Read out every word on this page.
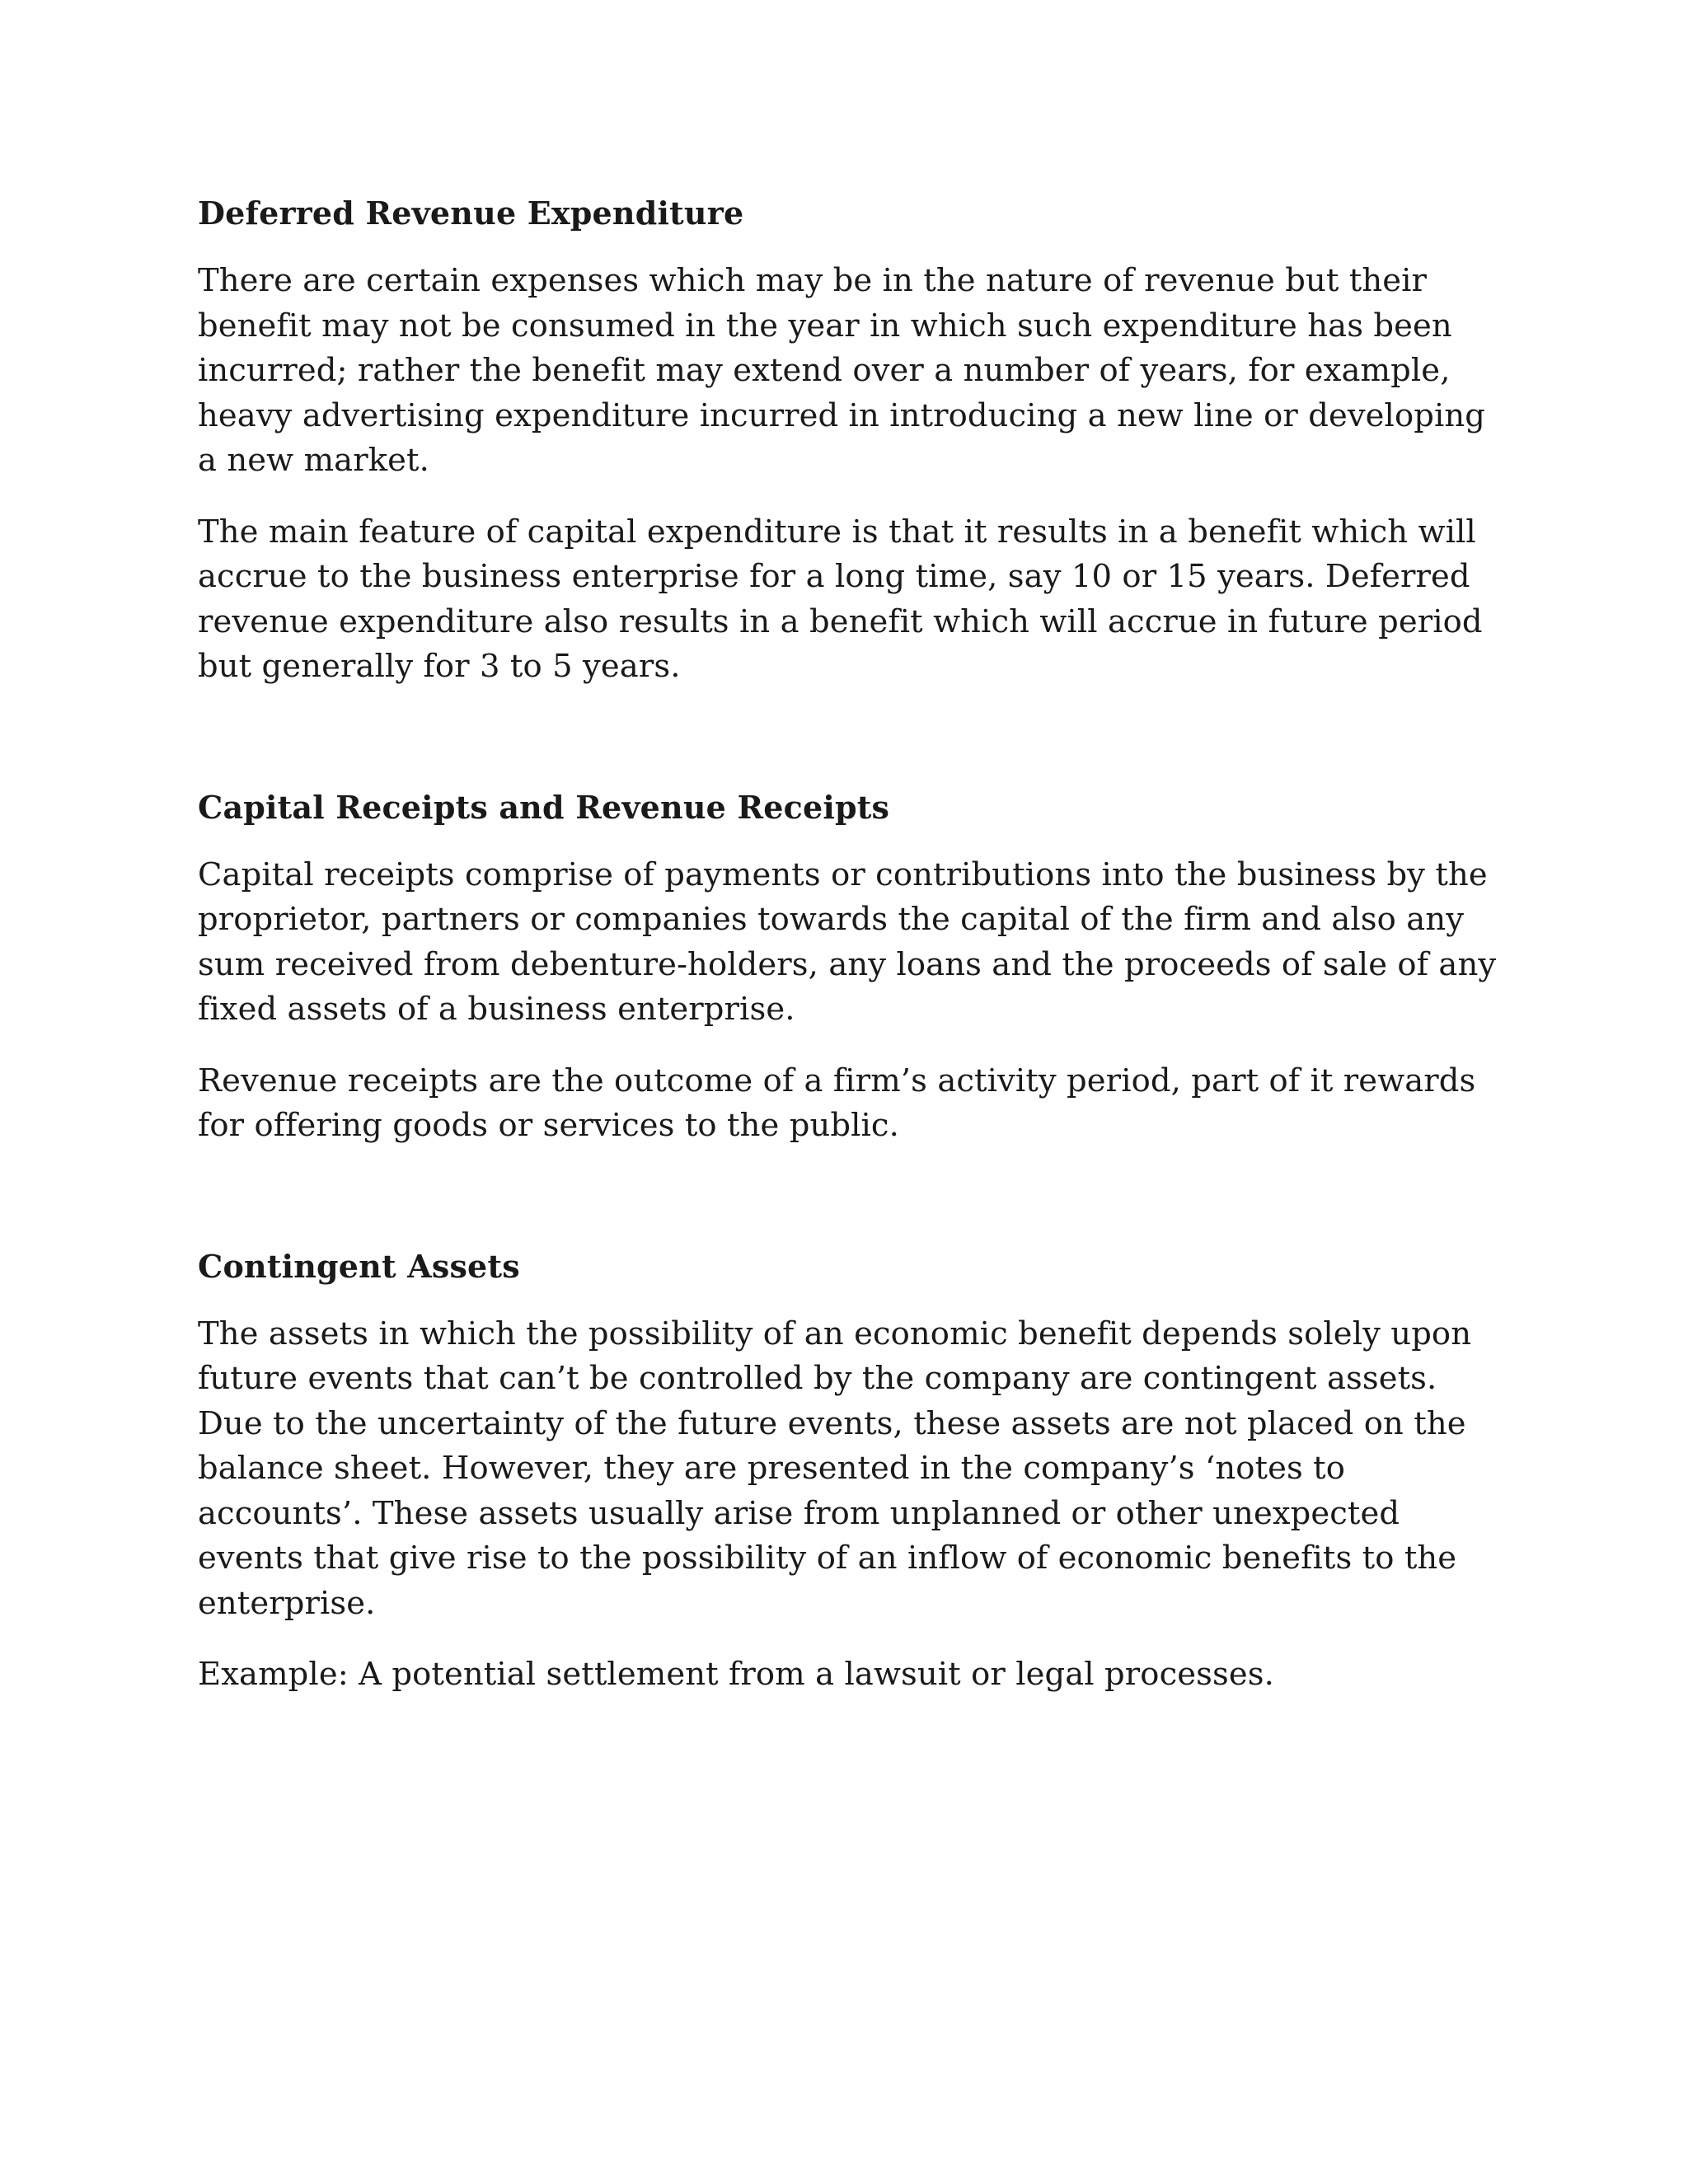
Deferred Revenue Expenditure

There are certain expenses which may be in the nature of revenue but their benefit may not be consumed in the year in which such expenditure has been incurred; rather the benefit may extend over a number of years, for example, heavy advertising expenditure incurred in introducing a new line or developing a new market.

The main feature of capital expenditure is that it results in a benefit which will accrue to the business enterprise for a long time, say 10 or 15 years. Deferred revenue expenditure also results in a benefit which will accrue in future period but generally for 3 to 5 years.

Capital Receipts and Revenue Receipts

Capital receipts comprise of payments or contributions into the business by the proprietor, partners or companies towards the capital of the firm and also any sum received from debenture-holders, any loans and the proceeds of sale of any fixed assets of a business enterprise.

Revenue receipts are the outcome of a firm’s activity period, part of it rewards for offering goods or services to the public.

Contingent Assets

The assets in which the possibility of an economic benefit depends solely upon future events that can’t be controlled by the company are contingent assets. Due to the uncertainty of the future events, these assets are not placed on the balance sheet. However, they are presented in the company’s ‘notes to accounts’. These assets usually arise from unplanned or other unexpected events that give rise to the possibility of an inflow of economic benefits to the enterprise.

Example: A potential settlement from a lawsuit or legal processes.
